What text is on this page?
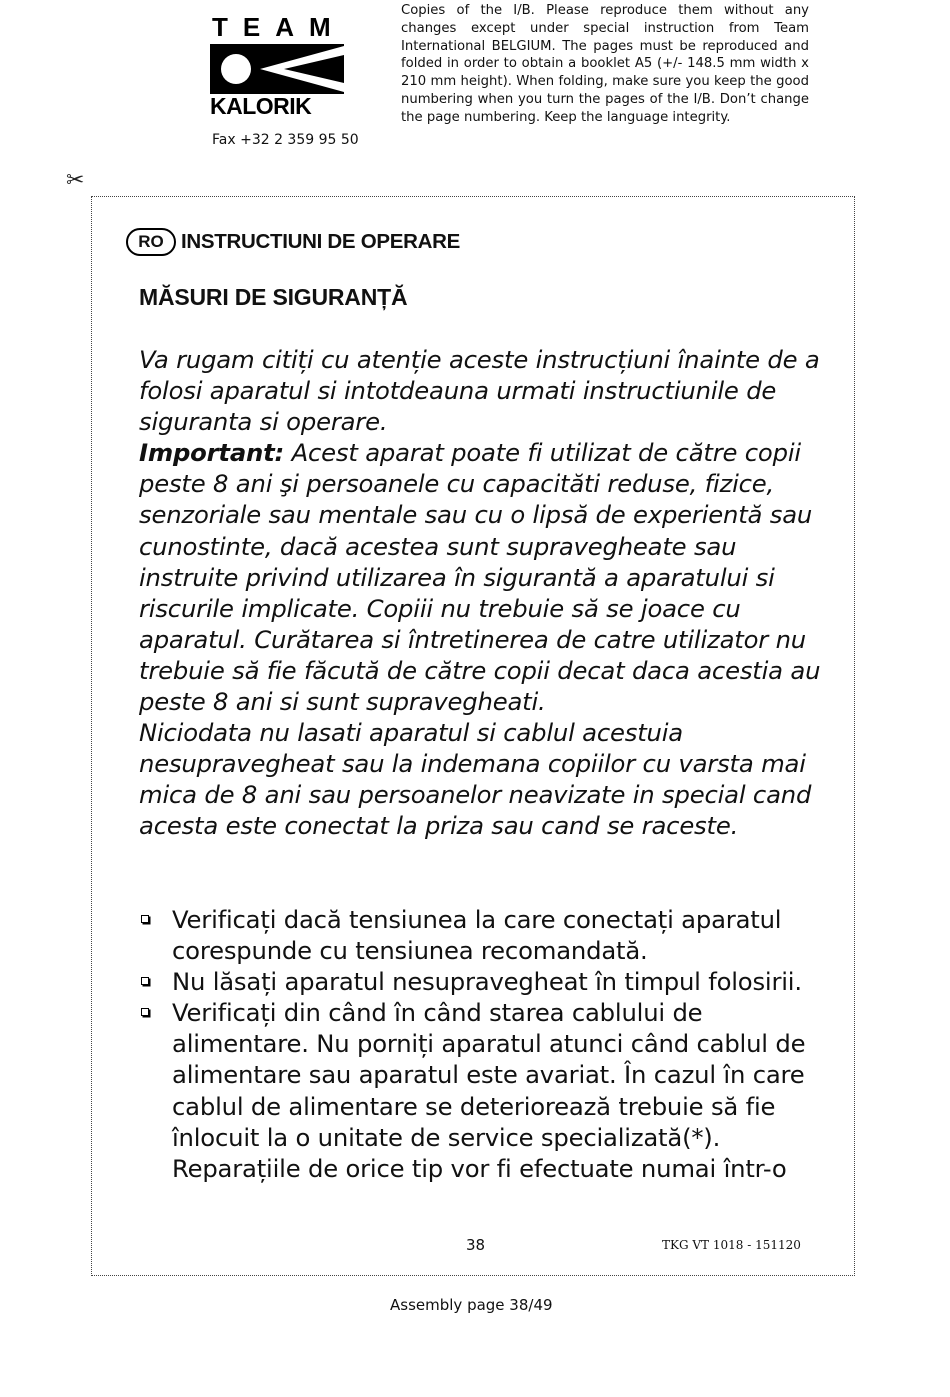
TEAM
KALORIK
Fax +32 2 359 95 50
Copies of the I/B. Please reproduce them without any changes except under special instruction from Team International BELGIUM. The pages must be reproduced and folded in order to obtain a booklet A5 (+/- 148.5 mm width x 210 mm height). When folding, make sure you keep the good numbering when you turn the pages of the I/B. Don’t change the page numbering. Keep the language integrity.
✂
RO INSTRUCTIUNI DE OPERARE
MĂSURI DE SIGURANȚĂ

Va rugam citiți cu atenție aceste instrucțiuni înainte de a folosi aparatul si intotdeauna urmati instructiunile de siguranta si operare.

Important: Acest aparat poate fi utilizat de către copii peste 8 ani şi persoanele cu capacităti reduse, fizice, senzoriale sau mentale sau cu o lipsă de experientă sau cunostinte, dacă acestea sunt supravegheate sau instruite privind utilizarea în sigurantă a aparatului si riscurile implicate. Copiii nu trebuie să se joace cu aparatul. Curătarea si întretinerea de catre utilizator nu trebuie să fie făcută de către copii decat daca acestia au peste 8 ani si sunt supravegheati.

Niciodata nu lasati aparatul si cablul acestuia nesupravegheat sau la indemana copiilor cu varsta mai mica de 8 ani sau persoanelor neavizate in special cand acesta este conectat la priza sau cand se raceste.

Verificați dacă tensiunea la care conectați aparatul corespunde cu tensiunea recomandată.
Nu lăsați aparatul nesupravegheat în timpul folosirii.
Verificați din când în când starea cablului de alimentare. Nu porniți aparatul atunci când cablul de alimentare sau aparatul este avariat. În cazul în care cablul de alimentare se deteriorează trebuie să fie înlocuit la o unitate de service specializată(*). Reparațiile de orice tip vor fi efectuate numai într-o
38	TKG VT 1018 - 151120
Assembly page 38/49
